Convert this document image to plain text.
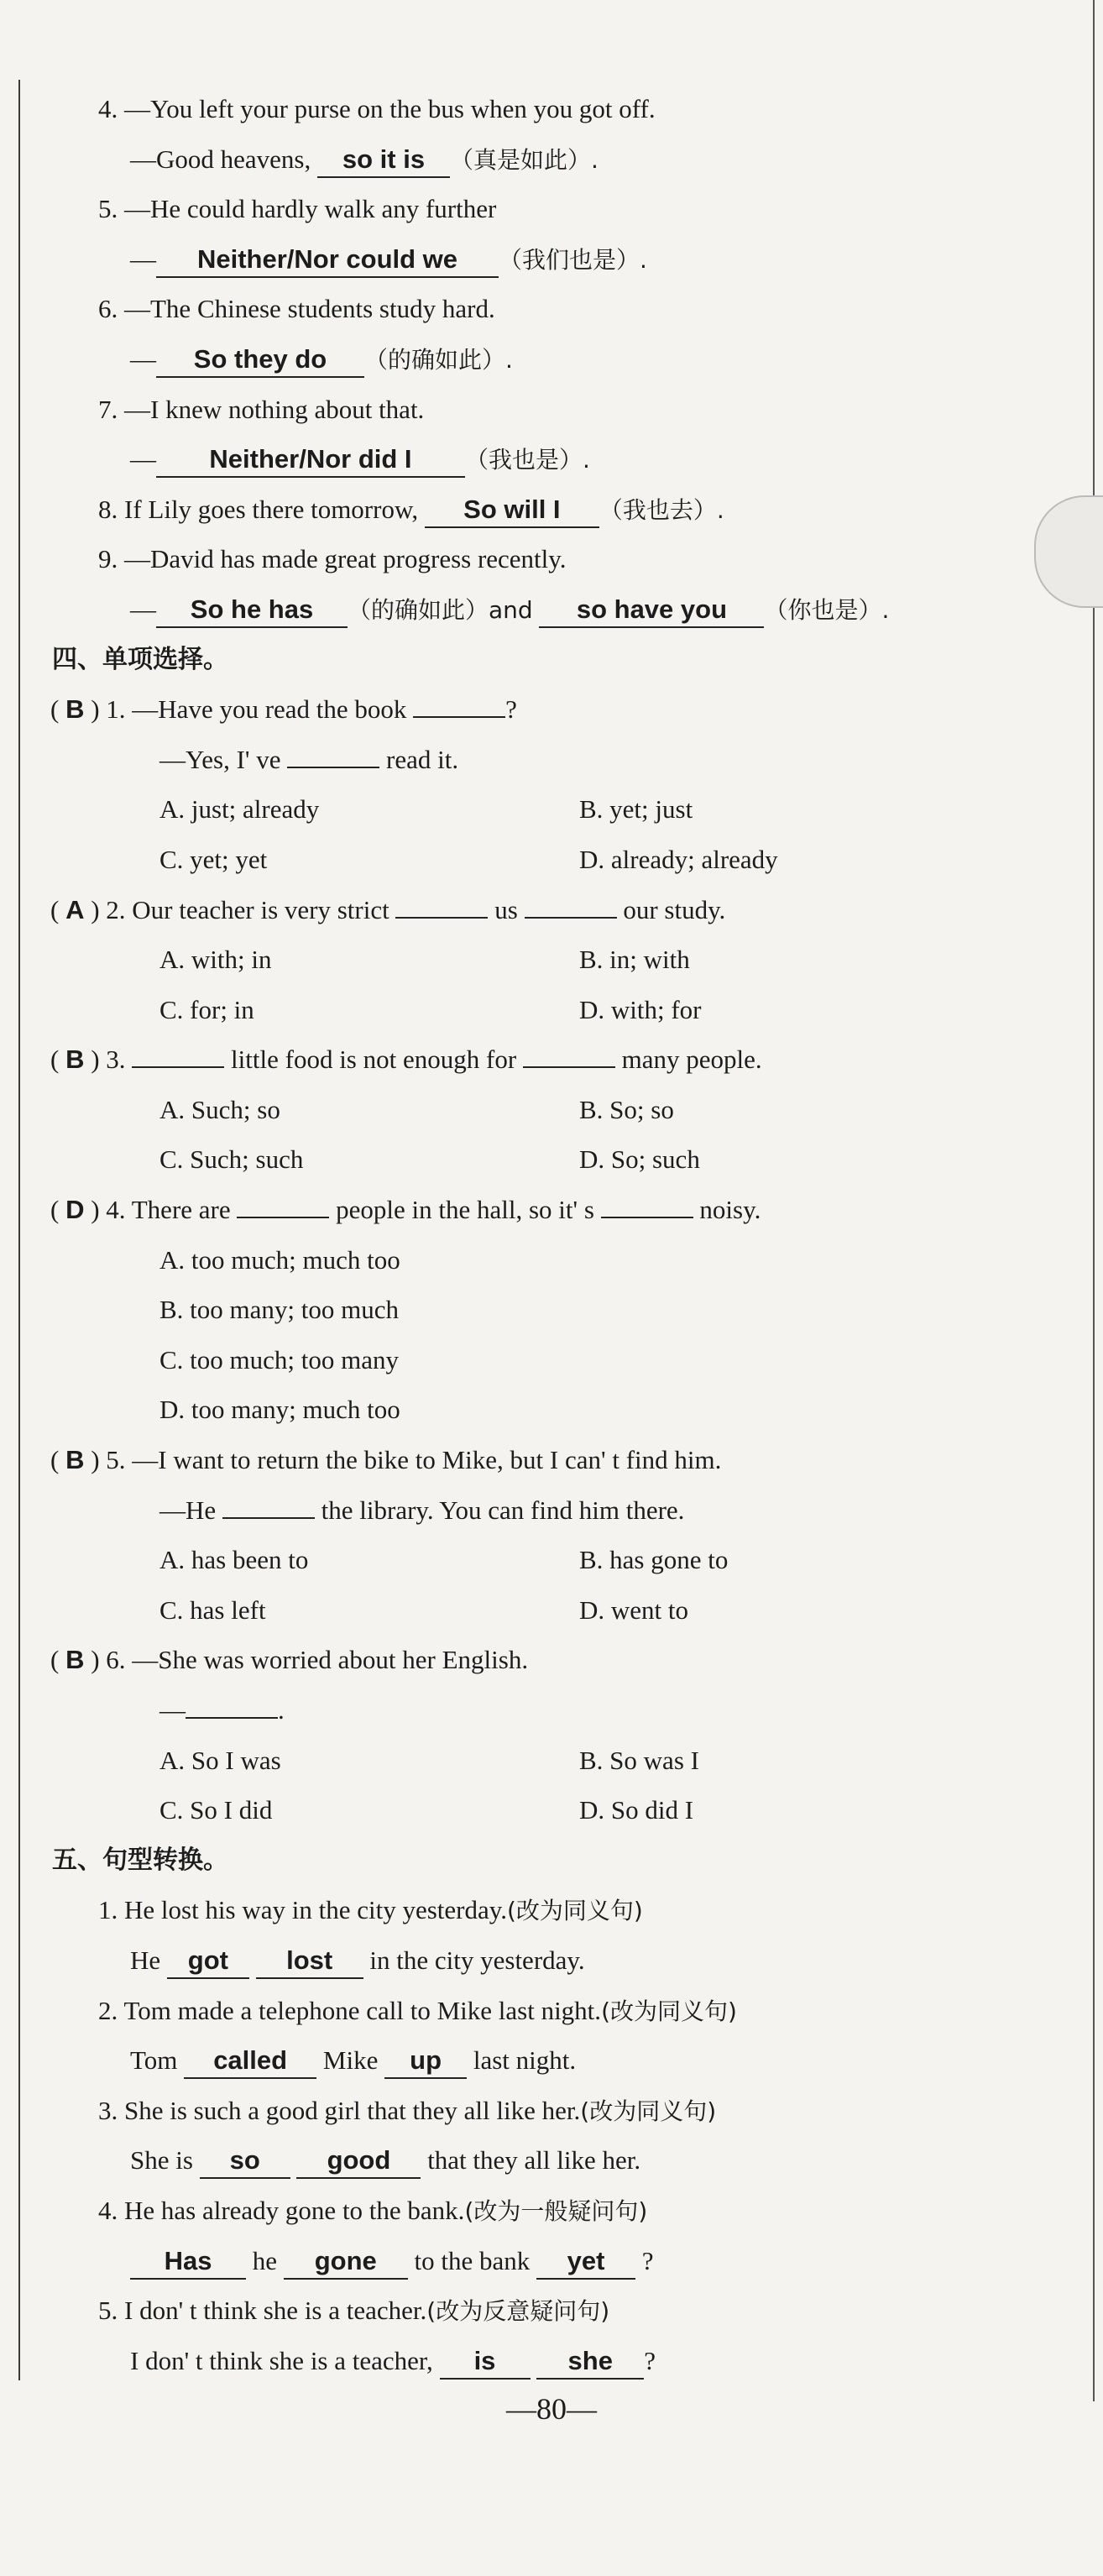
4. —You left your purse on the bus when you got off.
—Good heavens, so it is （真是如此）.
5. —He could hardly walk any further
— Neither/Nor could we （我们也是）.
6. —The Chinese students study hard.
— So they do （的确如此）.
7. —I knew nothing about that.
— Neither/Nor did I （我也是）.
8. If Lily goes there tomorrow, So will I （我也去）.
9. —David has made great progress recently.
— So he has （的确如此）and so have you （你也是）.
四、单项选择。
( B ) 1. —Have you read the book	?
—Yes, I' ve	read it.
A. just; already	B. yet; just
C. yet; yet	D. already; already
( A ) 2. Our teacher is very strict	us	our study.
A. with; in	B. in; with
C. for; in	D. with; for
( B ) 3.	little food is not enough for	many people.
A. Such; so	B. So; so
C. Such; such	D. So; such
( D ) 4. There are	people in the hall, so it' s	noisy.
A. too much; much too
B. too many; too much
C. too much; too many
D. too many; much too
( B ) 5. —I want to return the bike to Mike, but I can' t find him.
—He	the library. You can find him there.
A. has been to	B. has gone to
C. has left	D. went to
( B ) 6. —She was worried about her English.
—	.
A. So I was	B. So was I
C. So I did	D. So did I
五、句型转换。
1. He lost his way in the city yesterday.(改为同义句)
He got lost in the city yesterday.
2. Tom made a telephone call to Mike last night.(改为同义句)
Tom called Mike up last night.
3. She is such a good girl that they all like her.(改为同义句)
She is so	good that they all like her.
4. He has already gone to the bank.(改为一般疑问句)
Has he gone to the bank yet ?
5. I don' t think she is a teacher.(改为反意疑问句)
I don' t think she is a teacher, is	she ?
—80—
